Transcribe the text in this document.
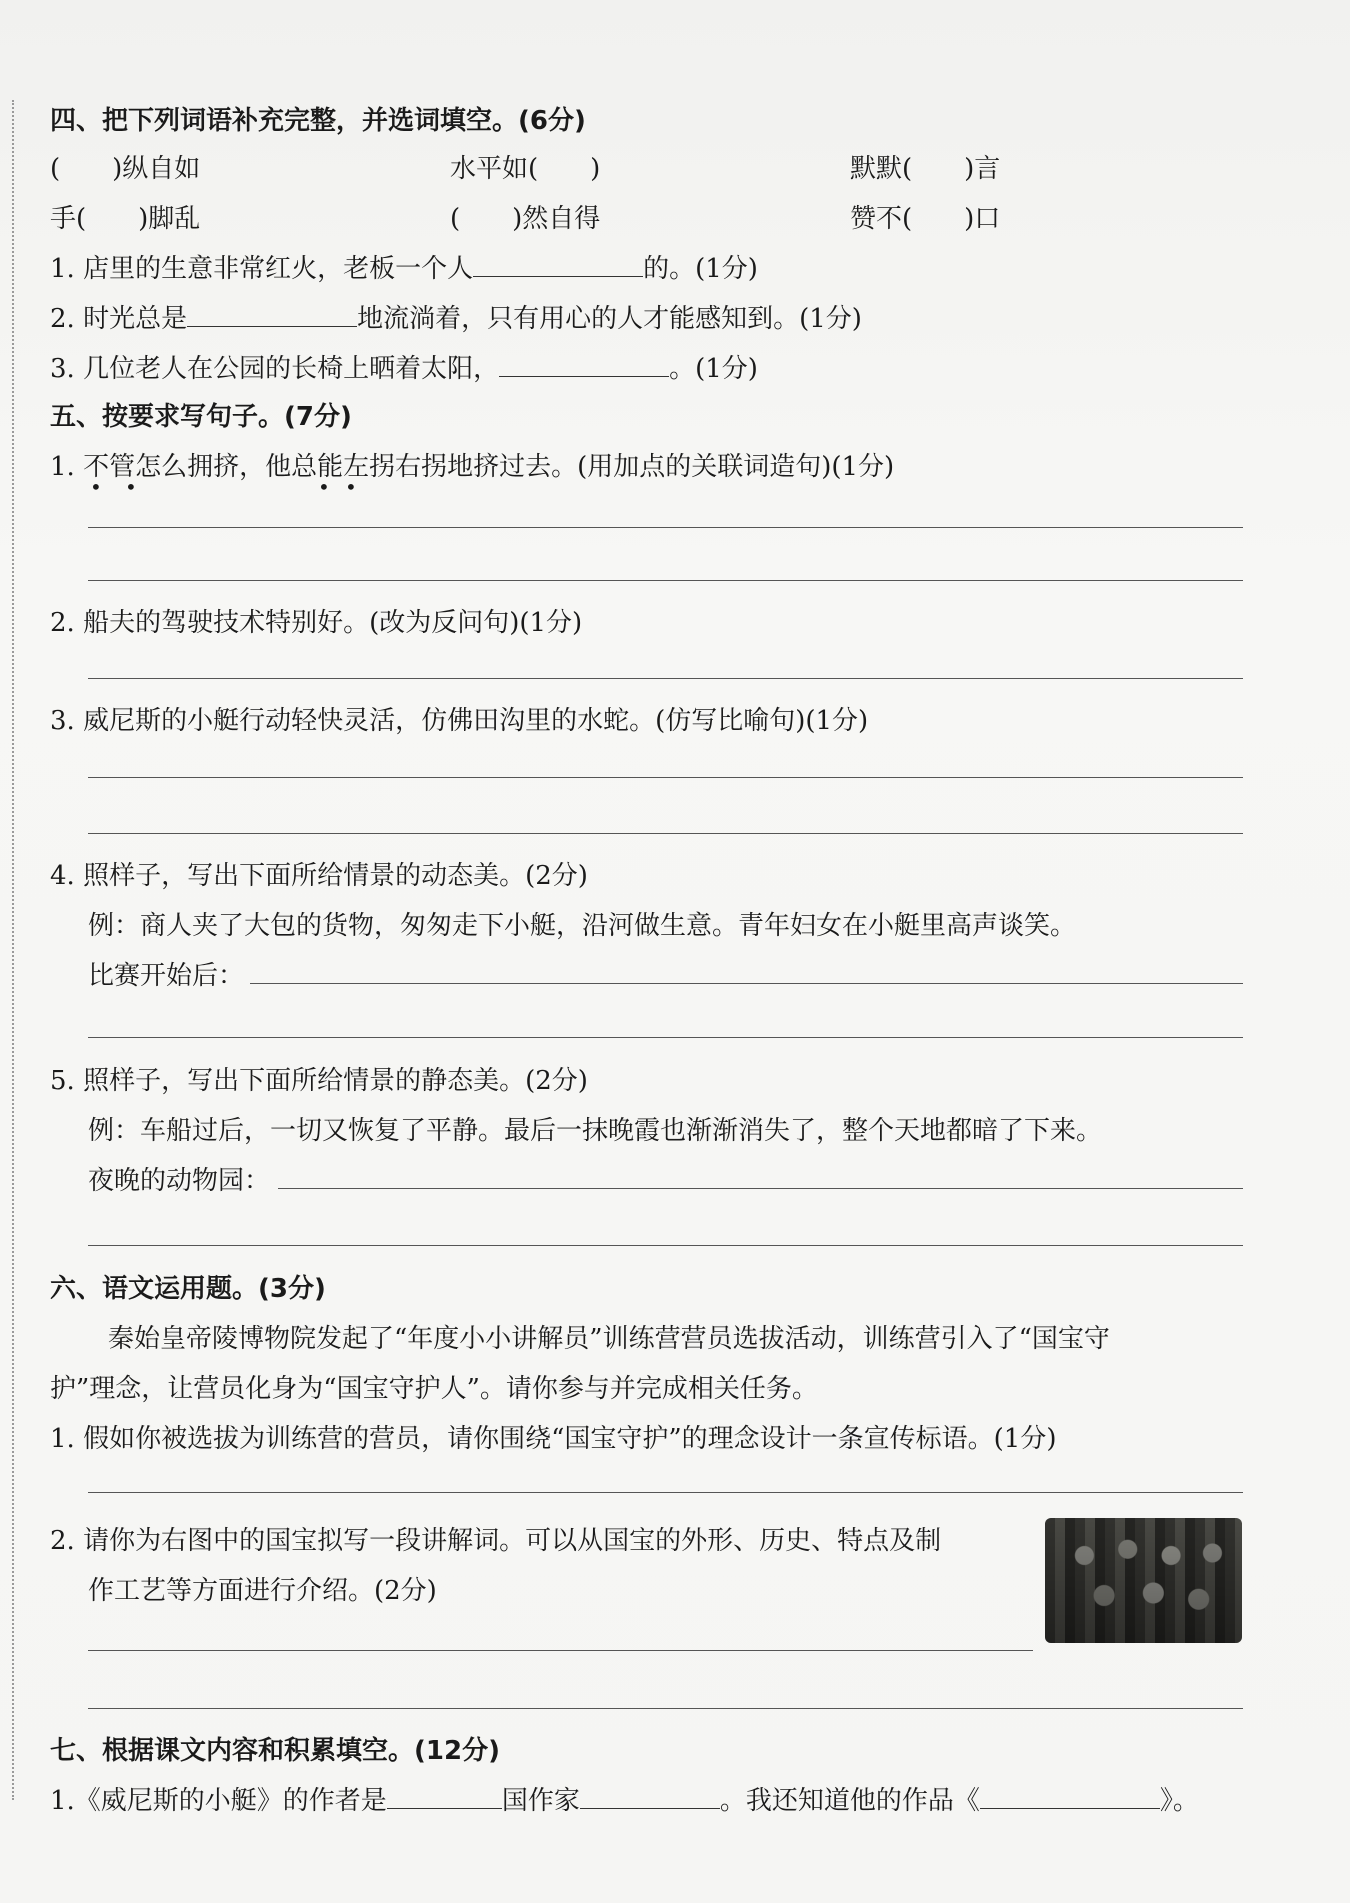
四、把下列词语补充完整，并选词填空。(6分)
(　　)纵自如	水平如(　　)	默默(　　)言
手(　　)脚乱	(　　)然自得	赞不(　　)口
1. 店里的生意非常红火，老板一个人	的。(1分)
2. 时光总是	地流淌着，只有用心的人才能感知到。(1分)
3. 几位老人在公园的长椅上晒着太阳，	。(1分)
五、按要求写句子。(7分)
1. 不管怎么拥挤，他总能左拐右拐地挤过去。(用加点的关联词造句)(1分)
• •	• •
2. 船夫的驾驶技术特别好。(改为反问句)(1分)
3. 威尼斯的小艇行动轻快灵活，仿佛田沟里的水蛇。(仿写比喻句)(1分)
4. 照样子，写出下面所给情景的动态美。(2分)
例：商人夹了大包的货物，匆匆走下小艇，沿河做生意。青年妇女在小艇里高声谈笑。
比赛开始后：
5. 照样子，写出下面所给情景的静态美。(2分)
例：车船过后，一切又恢复了平静。最后一抹晚霞也渐渐消失了，整个天地都暗了下来。
夜晚的动物园：
六、语文运用题。(3分)
秦始皇帝陵博物院发起了“年度小小讲解员”训练营营员选拔活动，训练营引入了“国宝守
护”理念，让营员化身为“国宝守护人”。请你参与并完成相关任务。
1. 假如你被选拔为训练营的营员，请你围绕“国宝守护”的理念设计一条宣传标语。(1分)
2. 请你为右图中的国宝拟写一段讲解词。可以从国宝的外形、历史、特点及制
作工艺等方面进行介绍。(2分)
七、根据课文内容和积累填空。(12分)
1.《威尼斯的小艇》的作者是	国作家	。我还知道他的作品《	》。
